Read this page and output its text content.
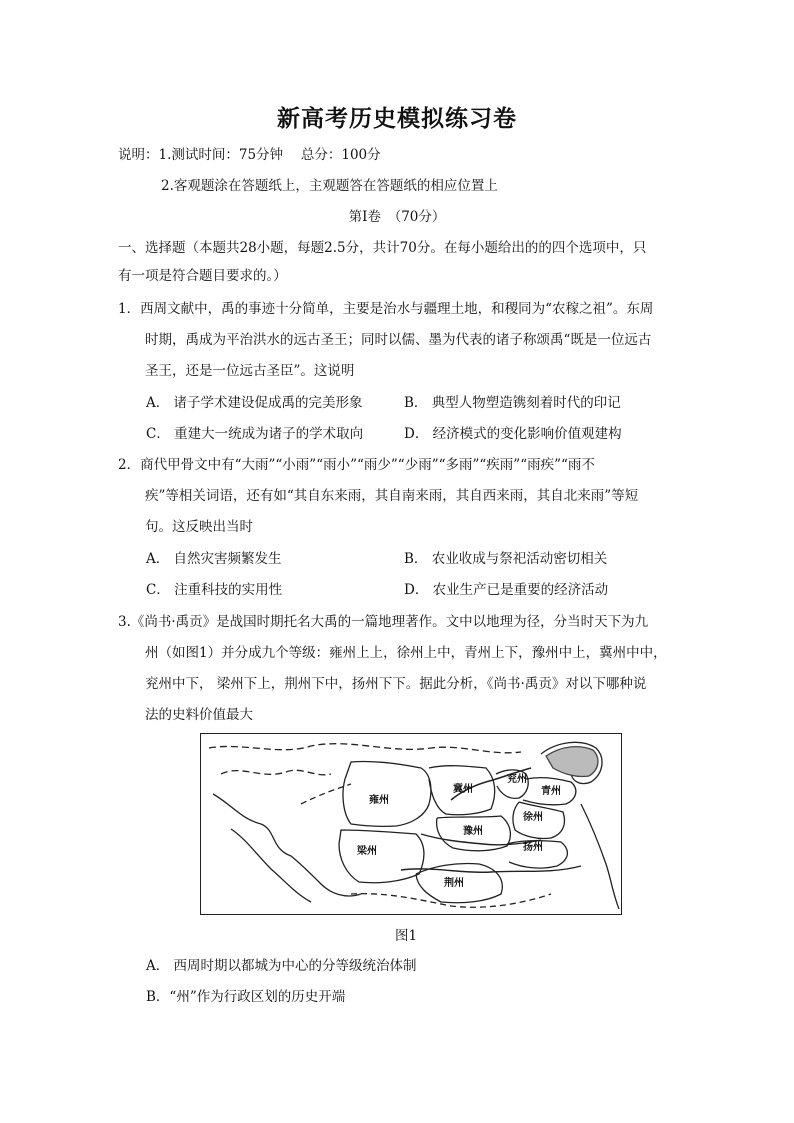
新高考历史模拟练习卷
说明：1.测试时间：75分钟　 总分：100分
2.客观题涂在答题纸上，主观题答在答题纸的相应位置上
第Ⅰ卷　（70分）
一、选择题（本题共28小题，每题2.5分，共计70分。在每小题给出的的四个选项中，只
有一项是符合题目要求的。）
1．西周文献中，禹的事迹十分简单，主要是治水与疆理土地，和稷同为“农稼之祖”。东周
时期，禹成为平治洪水的远古圣王；同时以儒、墨为代表的诸子称颂禹“既是一位远古
圣王，还是一位远古圣臣”。这说明
A． 诸子学术建设促成禹的完美形象	B． 典型人物塑造镌刻着时代的印记
C． 重建大一统成为诸子的学术取向	D． 经济模式的变化影响价值观建构
2．商代甲骨文中有“大雨”“小雨”“雨小”“雨少”“少雨”“多雨”“疾雨”“雨疾”“雨不
疾”等相关词语，还有如“其自东来雨，其自南来雨，其自西来雨，其自北来雨”等短
句。这反映出当时
A． 自然灾害频繁发生	B． 农业收成与祭祀活动密切相关
C． 注重科技的实用性	D． 农业生产已是重要的经济活动
3.《尚书·禹贡》是战国时期托名大禹的一篇地理著作。文中以地理为径，分当时天下为九
州（如图1）并分成九个等级：雍州上上，徐州上中，青州上下，豫州中上，冀州中中，
兖州中下， 梁州下上，荆州下中，扬州下下。据此分析，《尚书·禹贡》对以下哪种说
法的史料价值最大
雍州
冀州
兖州
青州
徐州
豫州
梁州	扬州
荆州
图1
A． 西周时期以都城为中心的分等级统治体制
B．“州”作为行政区划的历史开端
